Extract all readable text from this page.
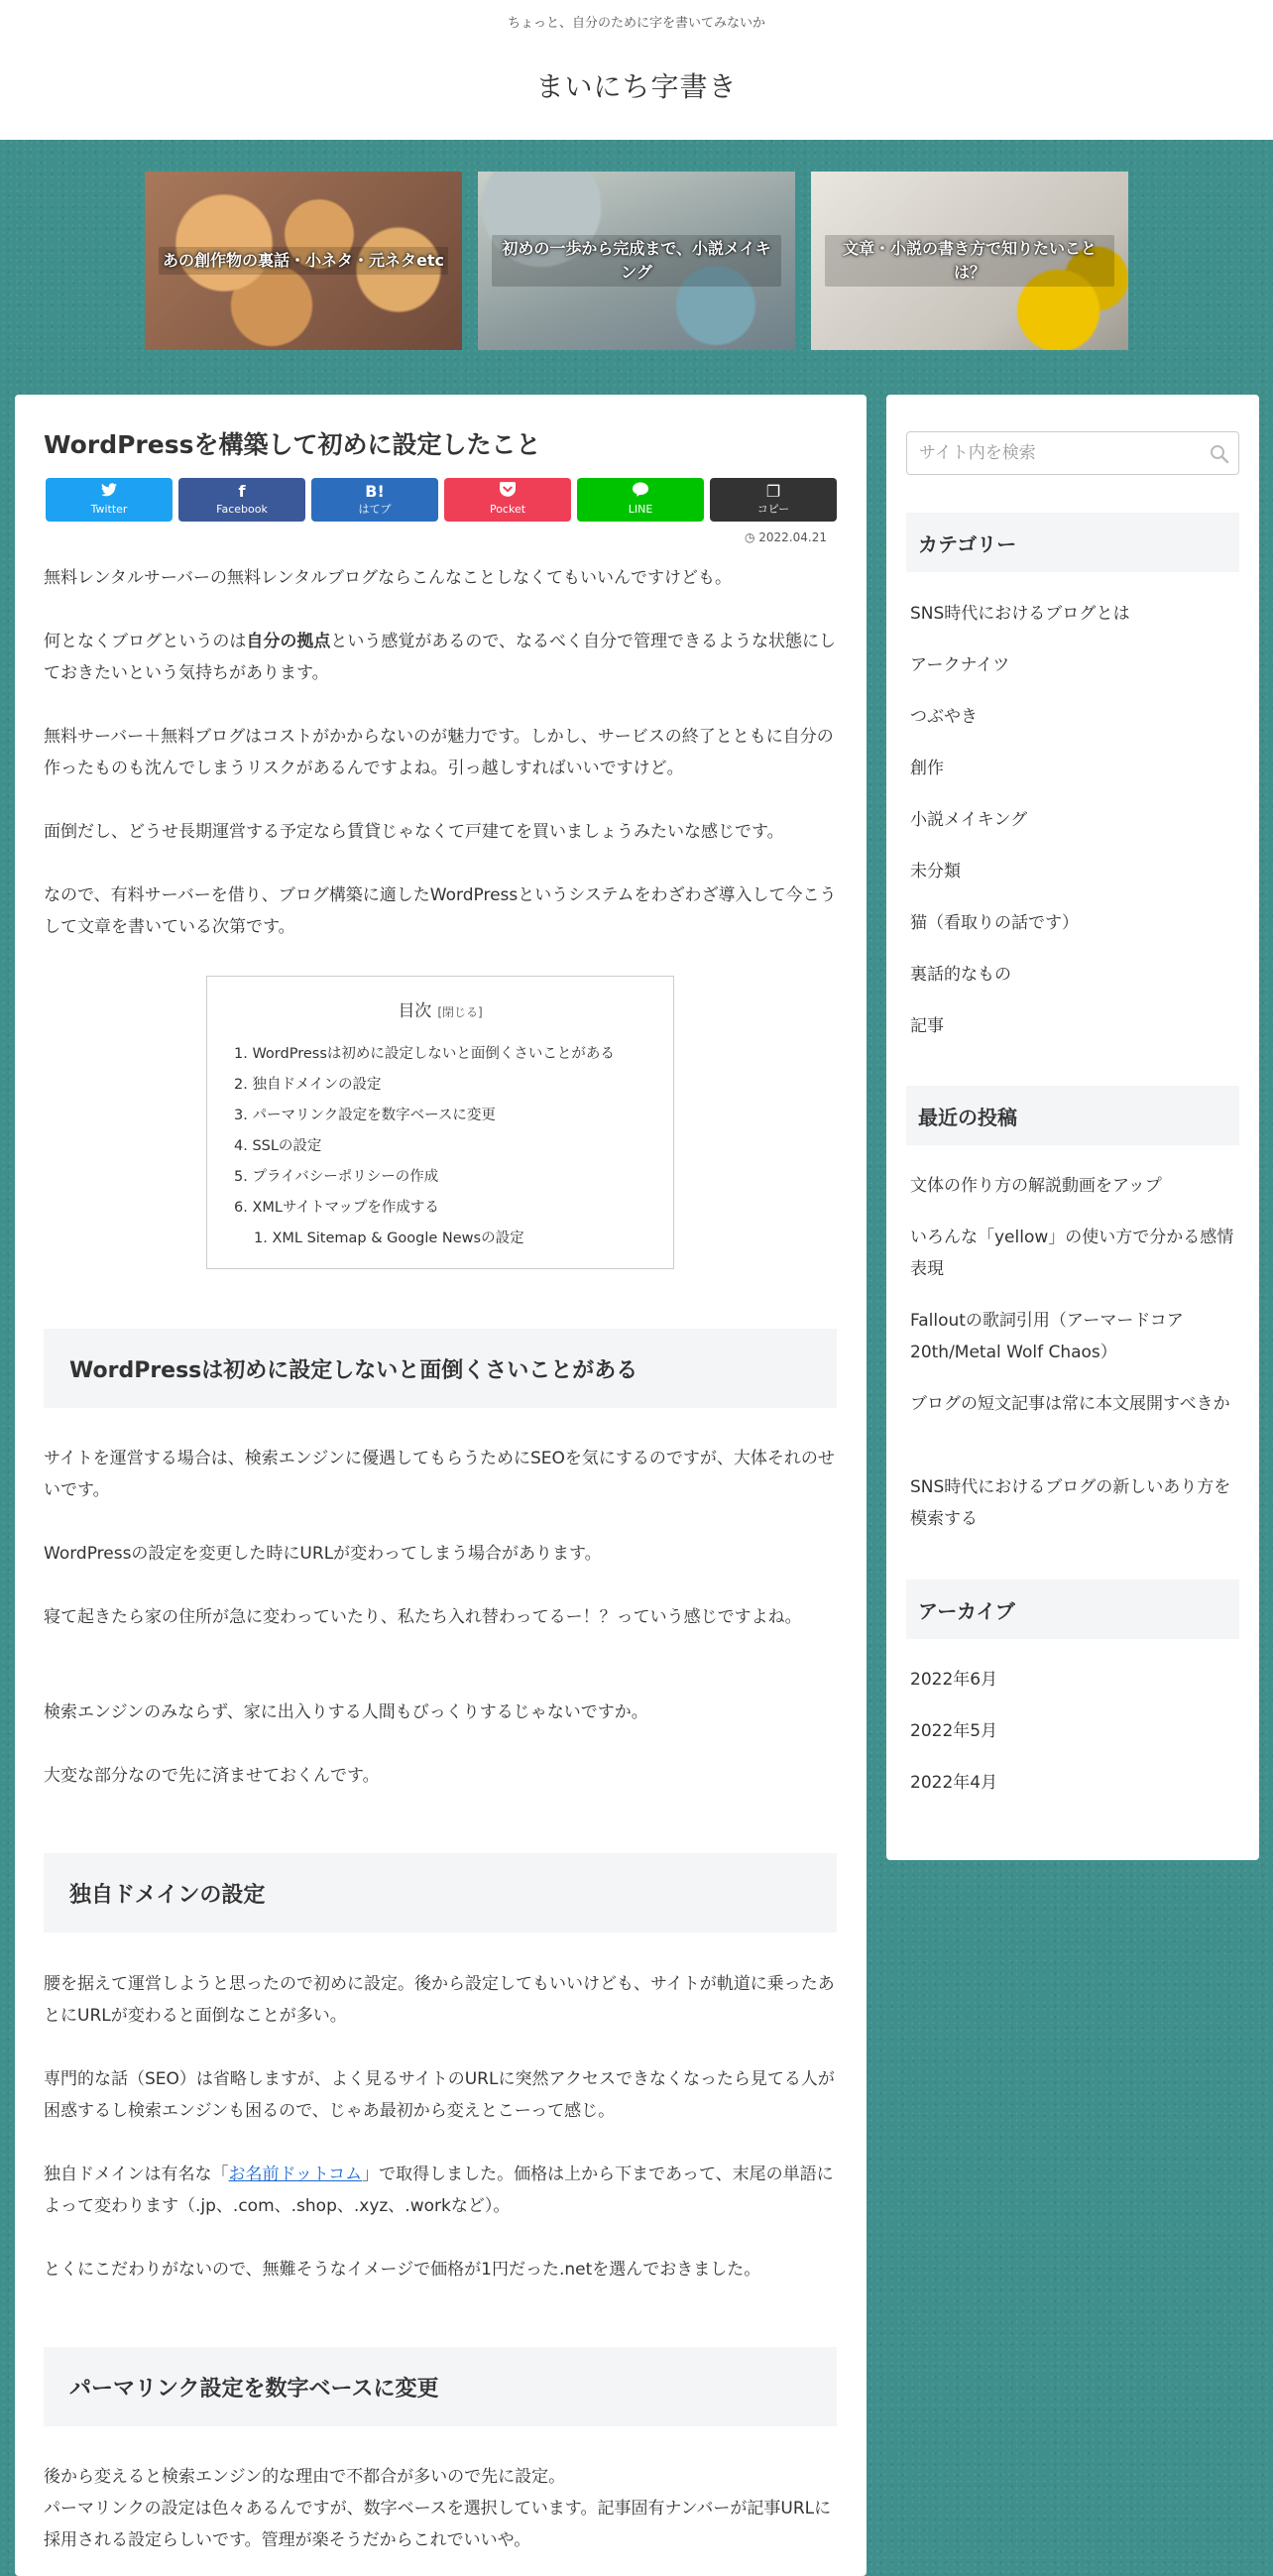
ちょっと、自分のために字を書いてみないか
まいにち字書き
あの創作物の裏話・小ネタ・元ネタetc
初めの一歩から完成まで、小説メイキング
文章・小説の書き方で知りたいことは？
WordPressを構築して初めに設定したこと
Twitter
f
Facebook
B!
はてブ	Pocket	LINE
❐
コピー
◷ 2022.04.21

無料レンタルサーバーの無料レンタルブログならこんなことしなくてもいいんですけども。

何となくブログというのは自分の拠点という感覚があるので、なるべく自分で管理できるような状態にしておきたいという気持ちがあります。

無料サーバー＋無料ブログはコストがかからないのが魅力です。しかし、サービスの終了とともに自分の作ったものも沈んでしまうリスクがあるんですよね。引っ越しすればいいですけど。

面倒だし、どうせ長期運営する予定なら賃貸じゃなくて戸建てを買いましょうみたいな感じです。

なので、有料サーバーを借り、ブログ構築に適したWordPressというシステムをわざわざ導入して今こうして文章を書いている次第です。

目次 [閉じる]
1. WordPressは初めに設定しないと面倒くさいことがある
2. 独自ドメインの設定
3. パーマリンク設定を数字ベースに変更
4. SSLの設定
5. プライバシーポリシーの作成
6. XMLサイトマップを作成する
1. XML Sitemap & Google Newsの設定
WordPressは初めに設定しないと面倒くさいことがある

サイトを運営する場合は、検索エンジンに優遇してもらうためにSEOを気にするのですが、大体それのせいです。

WordPressの設定を変更した時にURLが変わってしまう場合があります。

寝て起きたら家の住所が急に変わっていたり、私たち入れ替わってるー！？っていう感じですよね。

検索エンジンのみならず、家に出入りする人間もびっくりするじゃないですか。

大変な部分なので先に済ませておくんです。

独自ドメインの設定

腰を据えて運営しようと思ったので初めに設定。後から設定してもいいけども、サイトが軌道に乗ったあとにURLが変わると面倒なことが多い。

専門的な話（SEO）は省略しますが、よく見るサイトのURLに突然アクセスできなくなったら見てる人が困惑するし検索エンジンも困るので、じゃあ最初から変えとこーって感じ。

独自ドメインは有名な「お名前ドットコム」で取得しました。価格は上から下まであって、末尾の単語によって変わります（.jp、.com、.shop、.xyz、.workなど）。

とくにこだわりがないので、無難そうなイメージで価格が1円だった.netを選んでおきました。

パーマリンク設定を数字ベースに変更

後から変えると検索エンジン的な理由で不都合が多いので先に設定。

パーマリンクの設定は色々あるんですが、数字ベースを選択しています。記事固有ナンバーが記事URLに採用される設定らしいです。管理が楽そうだからこれでいいや。

サイト内を検索
カテゴリー
SNS時代におけるブログとは
アークナイツ
つぶやき
創作
小説メイキング
未分類
猫（看取りの話です）
裏話的なもの
記事
最近の投稿
文体の作り方の解説動画をアップ
いろんな「yellow」の使い方で分かる感情表現
Falloutの歌詞引用（アーマードコア20th/Metal Wolf Chaos）
ブログの短文記事は常に本文展開すべきか
SNS時代におけるブログの新しいあり方を模索する
アーカイブ
2022年6月
2022年5月
2022年4月
